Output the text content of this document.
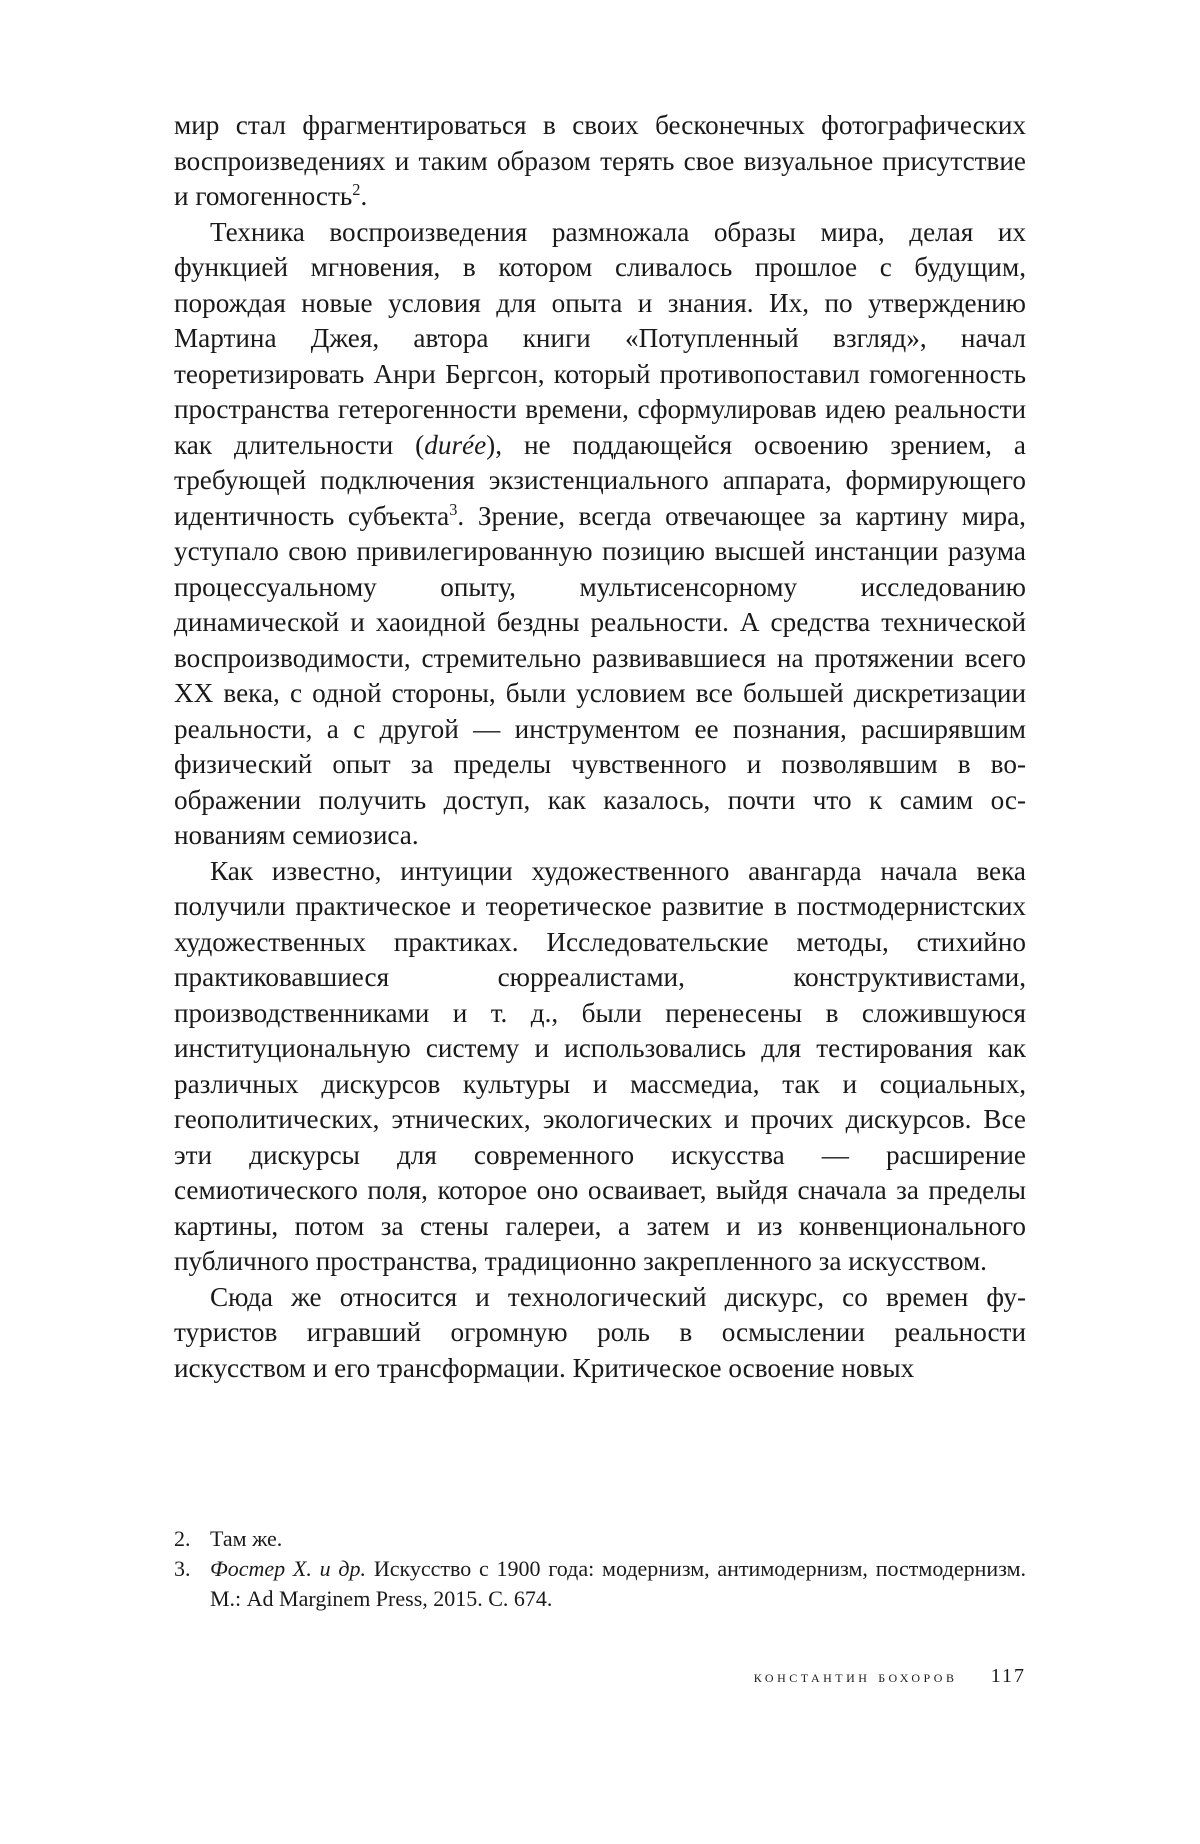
мир стал фрагментироваться в своих бесконечных фотографических воспроизведениях и таким образом терять свое визуальное присутствие и гомогенность$^2$.

Техника воспроизведения размножала образы мира, делая их функцией мгновения, в котором сливалось прошлое с будущим, порождая новые условия для опыта и знания. Их, по утверждению Мартина Джея, автора книги «Потупленный взгляд», начал теоретизировать Анри Бергсон, который противопоставил гомогенность пространства гетерогенности времени, сформулировав идею реальности как длительности (durée), не поддающейся освоению зрением, а требующей подключения экзистенциального аппарата, формирующего идентичность субъекта$^3$. Зрение, всегда отвечающее за картину мира, уступало свою привилегированную позицию высшей инстанции разума процессуальному опыту, мультисенсорному исследованию динамической и хаоидной бездны реальности. А средства технической воспроизводимости, стремительно развивавшиеся на протяжении всего XX века, с одной стороны, были условием все большей дискретизации реальности, а с другой — инструментом ее познания, расширявшим физический опыт за пределы чувственного и позволявшим в воображении получить доступ, как казалось, почти что к самим основаниям семиозиса.

Как известно, интуиции художественного авангарда начала века получили практическое и теоретическое развитие в постмодернистских художественных практиках. Исследовательские методы, стихийно практиковавшиеся сюрреалистами, конструктивистами, производственниками и т. д., были перенесены в сложившуюся институциональную систему и использовались для тестирования как различных дискурсов культуры и массмедиа, так и социальных, геополитических, этнических, экологических и прочих дискурсов. Все эти дискурсы для современного искусства — расширение семиотического поля, которое оно осваивает, выйдя сначала за пределы картины, потом за стены галереи, а затем и из конвенционального публичного пространства, традиционно закрепленного за искусством.

Сюда же относится и технологический дискурс, со времен футуристов игравший огромную роль в осмыслении реальности искусством и его трансформации. Критическое освоение новых

2. Там же.

3. Фостер Х. и др. Искусство с 1900 года: модернизм, антимодернизм, постмодернизм. М.: Ad Marginem Press, 2015. С. 674.

константин бохоров 117
